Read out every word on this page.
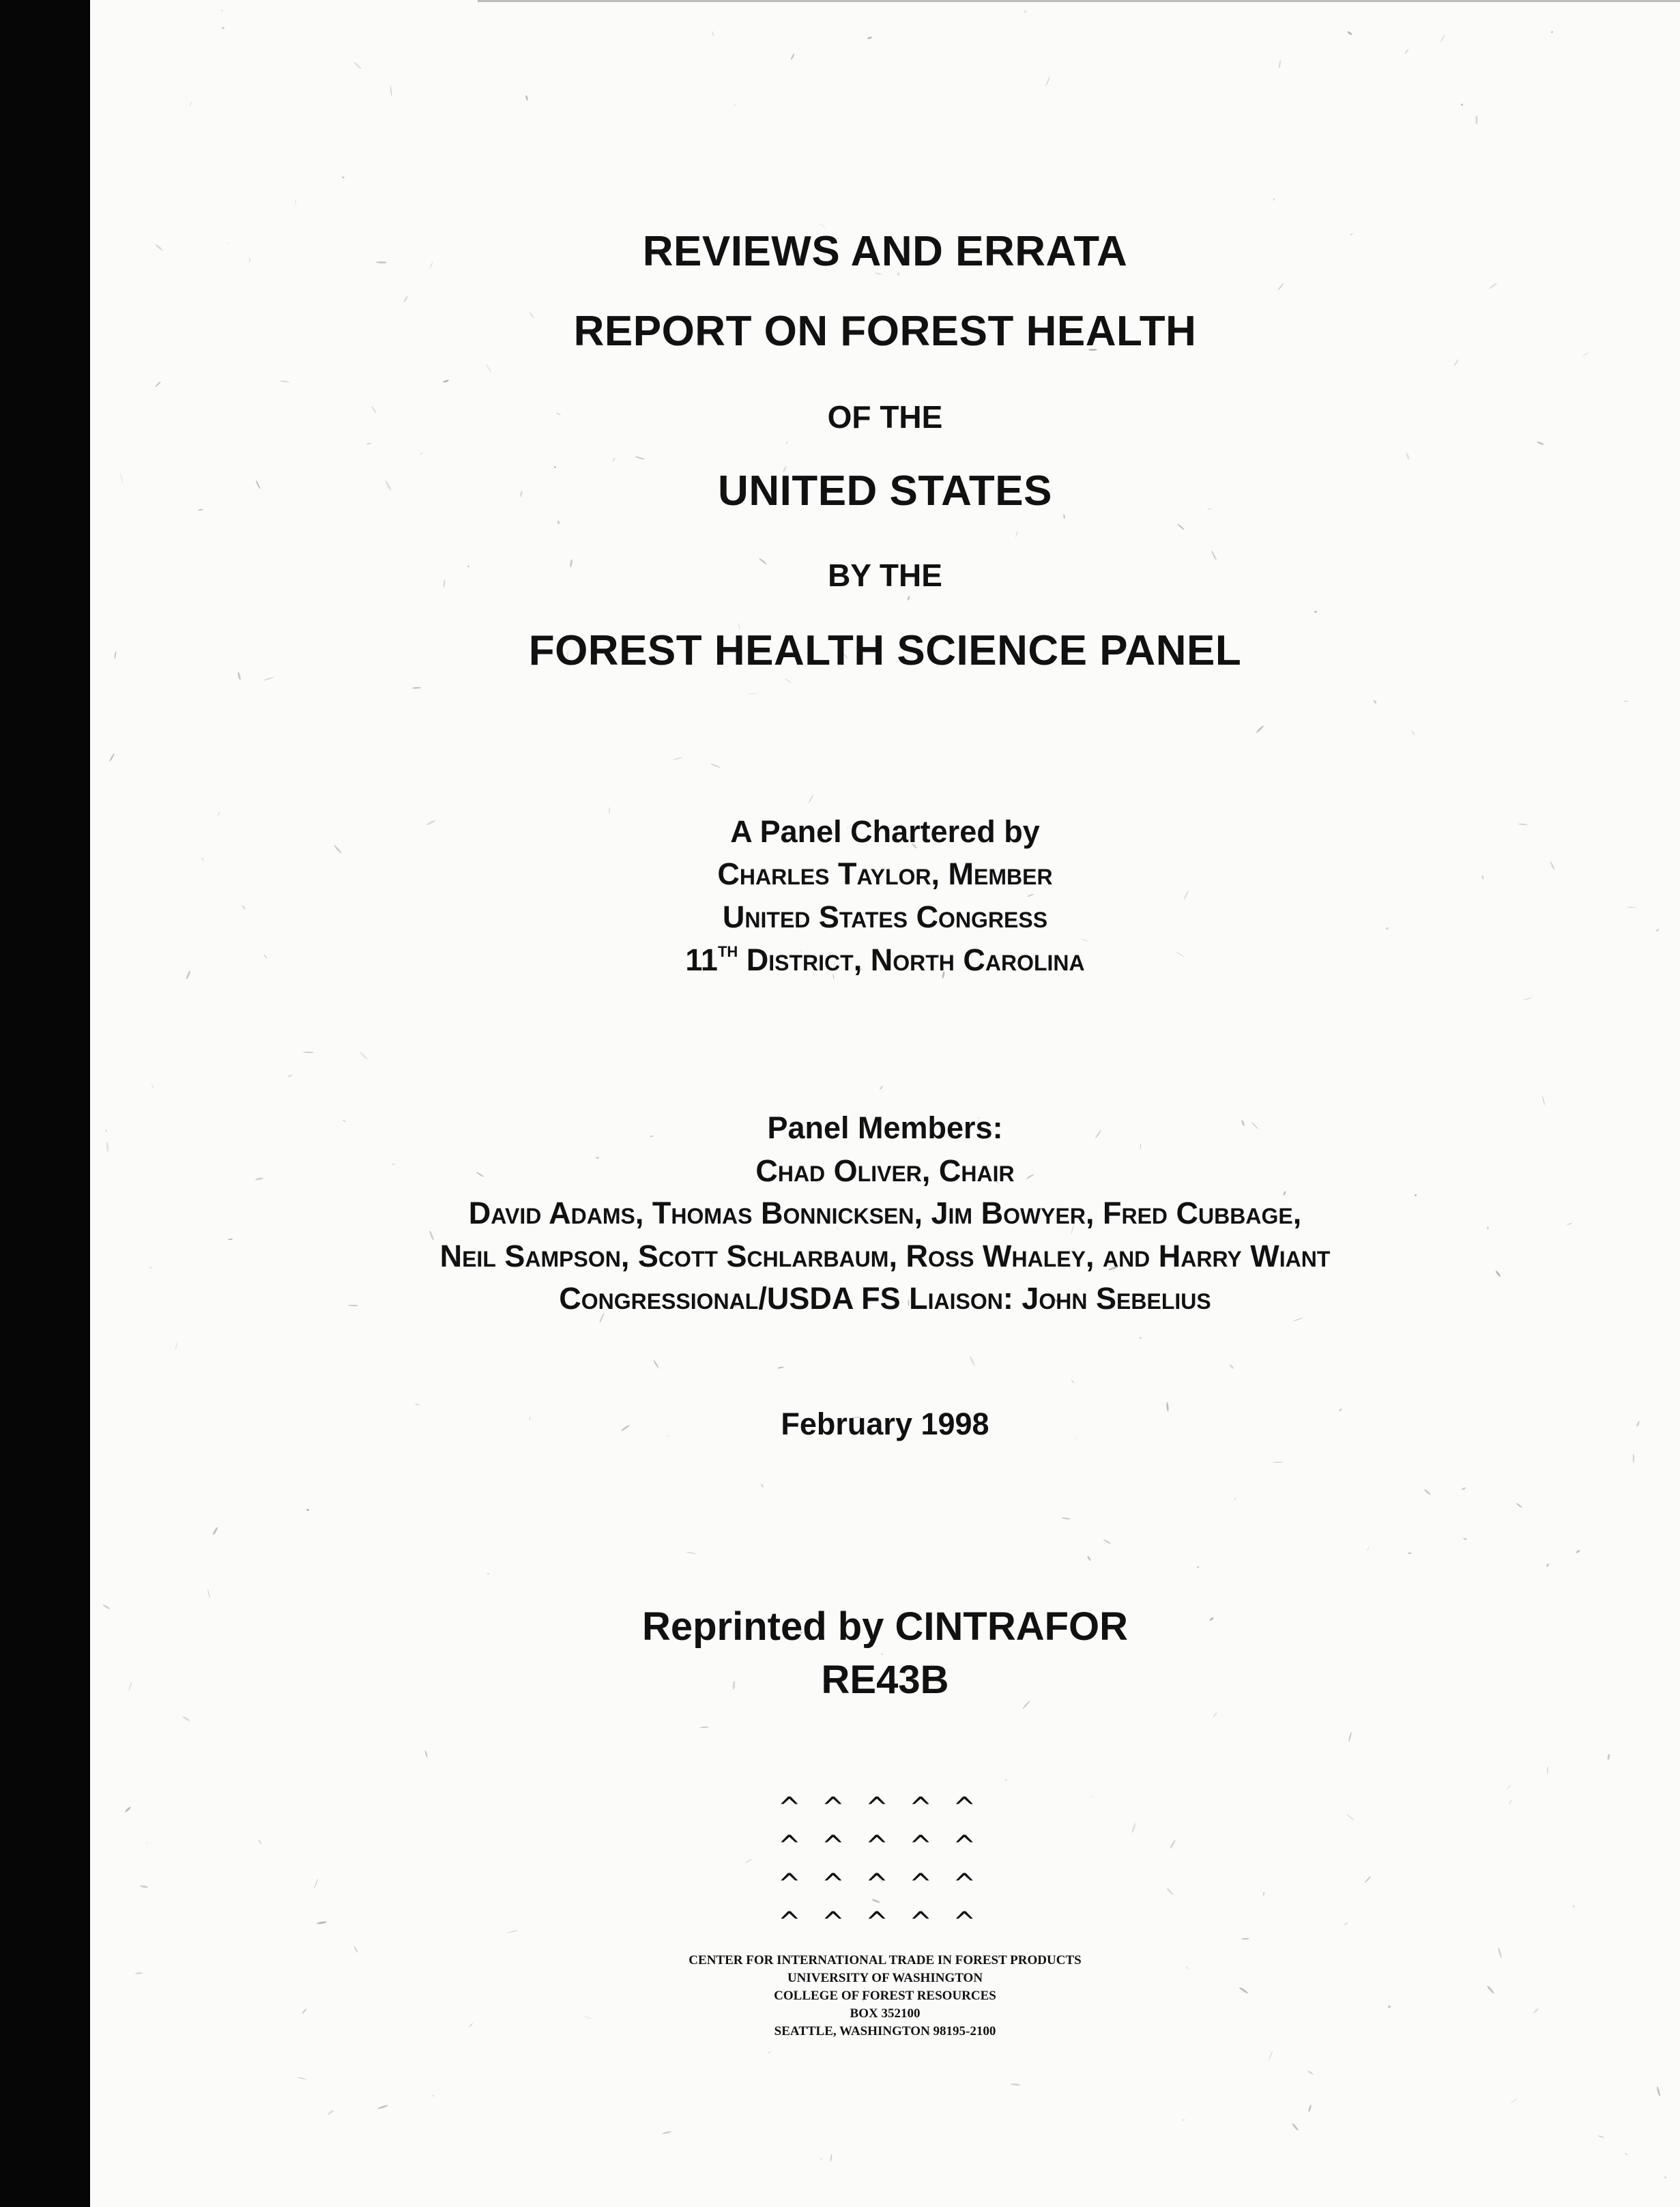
REVIEWS AND ERRATA
REPORT ON FOREST HEALTH
OF THE
UNITED STATES
BY THE
FOREST HEALTH SCIENCE PANEL
A Panel Chartered by
Charles Taylor, Member
United States Congress
11TH District, North Carolina
Panel Members:
Chad Oliver, Chair
David Adams, Thomas Bonnicksen, Jim Bowyer, Fred Cubbage,
Neil Sampson, Scott Schlarbaum, Ross Whaley, and Harry Wiant
Congressional/USDA FS Liaison: John Sebelius
February 1998
Reprinted by CINTRAFOR
RE43B
^ ^ ^ ^ ^
^ ^ ^ ^ ^
^ ^ ^ ^ ^
^ ^ ^ ^ ^
CENTER FOR INTERNATIONAL TRADE IN FOREST PRODUCTS
UNIVERSITY OF WASHINGTON
COLLEGE OF FOREST RESOURCES
BOX 352100
SEATTLE, WASHINGTON 98195-2100
